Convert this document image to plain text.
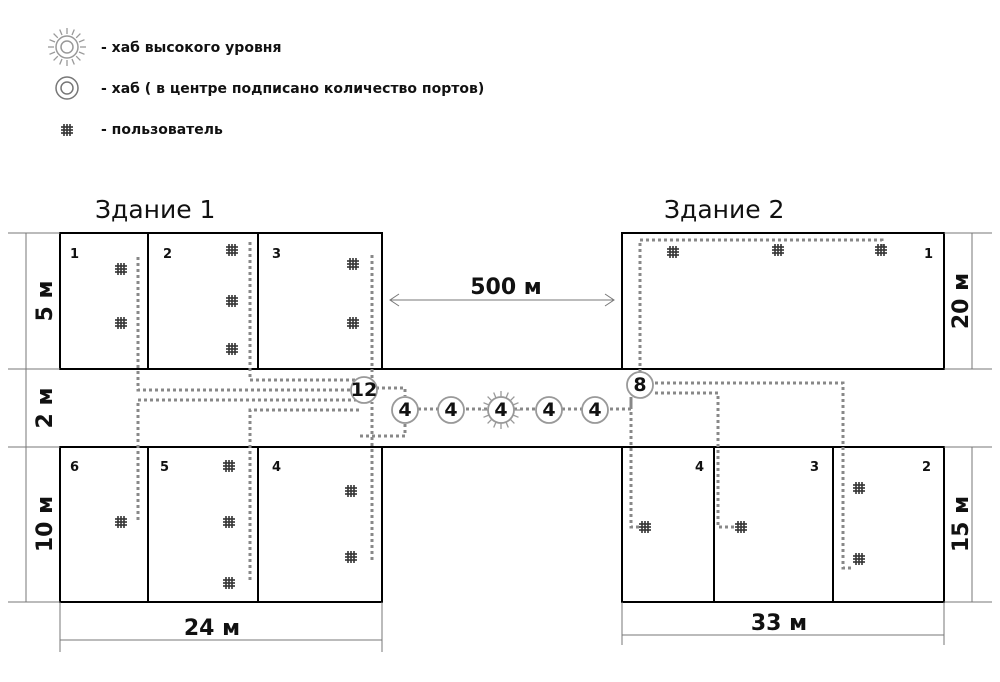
- хаб высокого уровня
- хаб ( в центре подписано количество портов)
- пользователь
Здание 1
1	2	3
6	5	4
Здание 2
1
4	3	2
5 м
2 м
10 м
24 м
20 м
15 м
33 м
500 м
12
4 4 4 4 4
8
